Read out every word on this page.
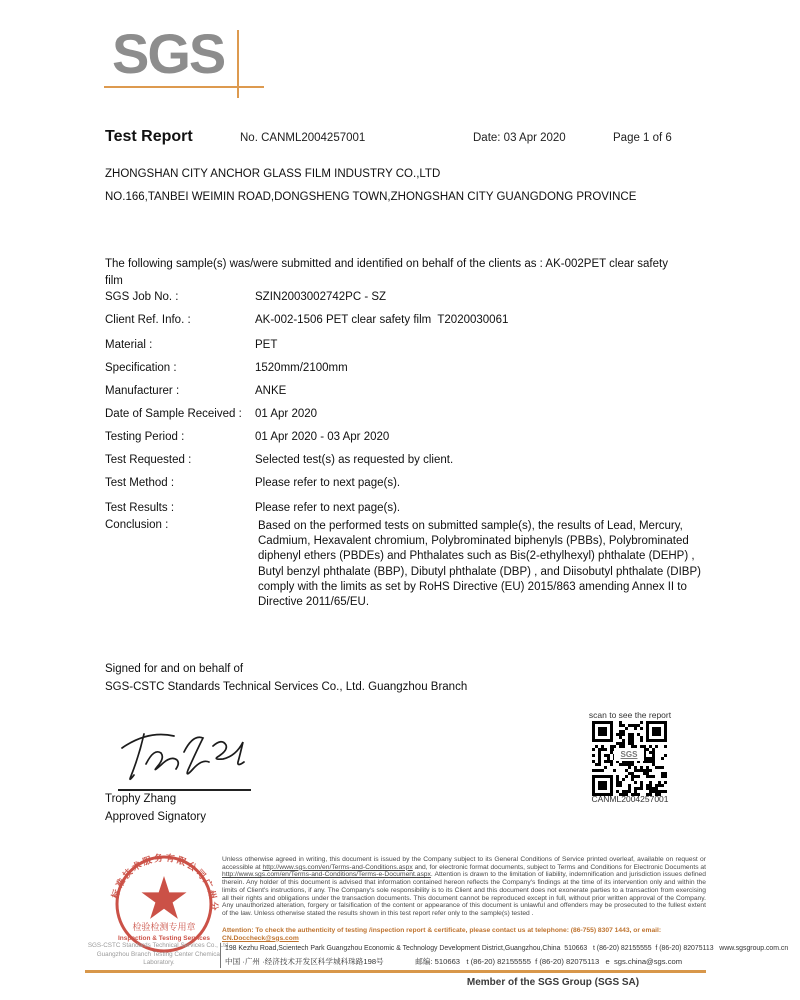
SGS
Test Report	No. CANML2004257001	Date: 03 Apr 2020	Page 1 of 6
ZHONGSHAN CITY ANCHOR GLASS FILM INDUSTRY CO.,LTD
NO.166,TANBEI WEIMIN ROAD,DONGSHENG TOWN,ZHONGSHAN CITY GUANGDONG PROVINCE
The following sample(s) was/were submitted and identified on behalf of the clients as : AK-002PET clear safety film
SGS Job No. :	SZIN2003002742PC - SZ
Client Ref. Info. :	AK-002-1506 PET clear safety film  T2020030061
Material :	PET
Specification :	1520mm/2100mm
Manufacturer :	ANKE
Date of Sample Received :	01 Apr 2020
Testing Period :	01 Apr 2020 - 03 Apr 2020
Test Requested :	Selected test(s) as requested by client.
Test Method :	Please refer to next page(s).
Test Results :	Please refer to next page(s).
Conclusion :	Based on the performed tests on submitted sample(s), the results of Lead, Mercury, Cadmium, Hexavalent chromium, Polybrominated biphenyls (PBBs), Polybrominated diphenyl ethers (PBDEs) and Phthalates such as Bis(2-ethylhexyl) phthalate (DEHP) , Butyl benzyl phthalate (BBP), Dibutyl phthalate (DBP) , and Diisobutyl phthalate (DIBP) comply with the limits as set by RoHS Directive (EU) 2015/863 amending Annex II to Directive 2011/65/EU.
Signed for and on behalf of
SGS-CSTC Standards Technical Services Co., Ltd. Guangzhou Branch
Trophy Zhang
Approved Signatory
scan to see the report
SGS
CANML2004257001
标准技术服务有限公司广州分
检验检测专用章
Inspection & Testing Services
SGS-CSTC Standards Technical Services Co., Ltd.
Guangzhou Branch Testing Center Chemical Laboratory.
Unless otherwise agreed in writing, this document is issued by the Company subject to its General Conditions of Service printed overleaf, available on request or accessible at http://www.sgs.com/en/Terms-and-Conditions.aspx and, for electronic format documents, subject to Terms and Conditions for Electronic Documents at http://www.sgs.com/en/Terms-and-Conditions/Terms-e-Document.aspx. Attention is drawn to the limitation of liability, indemnification and jurisdiction issues defined therein. Any holder of this document is advised that information contained hereon reflects the Company's findings at the time of its intervention only and within the limits of Client's instructions, if any. The Company's sole responsibility is to its Client and this document does not exonerate parties to a transaction from exercising all their rights and obligations under the transaction documents. This document cannot be reproduced except in full, without prior written approval of the Company. Any unauthorized alteration, forgery or falsification of the content or appearance of this document is unlawful and offenders may be prosecuted to the fullest extent of the law. Unless otherwise stated the results shown in this test report refer only to the sample(s) tested .
Attention: To check the authenticity of testing /inspection report & certificate, please contact us at telephone: (86-755) 8307 1443, or email: CN.Doccheck@sgs.com
198 Kezhu Road,Scientech Park Guangzhou Economic & Technology Development District,Guangzhou,China  510663   t (86-20) 82155555  f (86-20) 82075113   www.sgsgroup.com.cn
中国 ·广州 ·经济技术开发区科学城科珠路198号               邮编: 510663   t (86-20) 82155555  f (86-20) 82075113   e  sgs.china@sgs.com
Member of the SGS Group (SGS SA)
